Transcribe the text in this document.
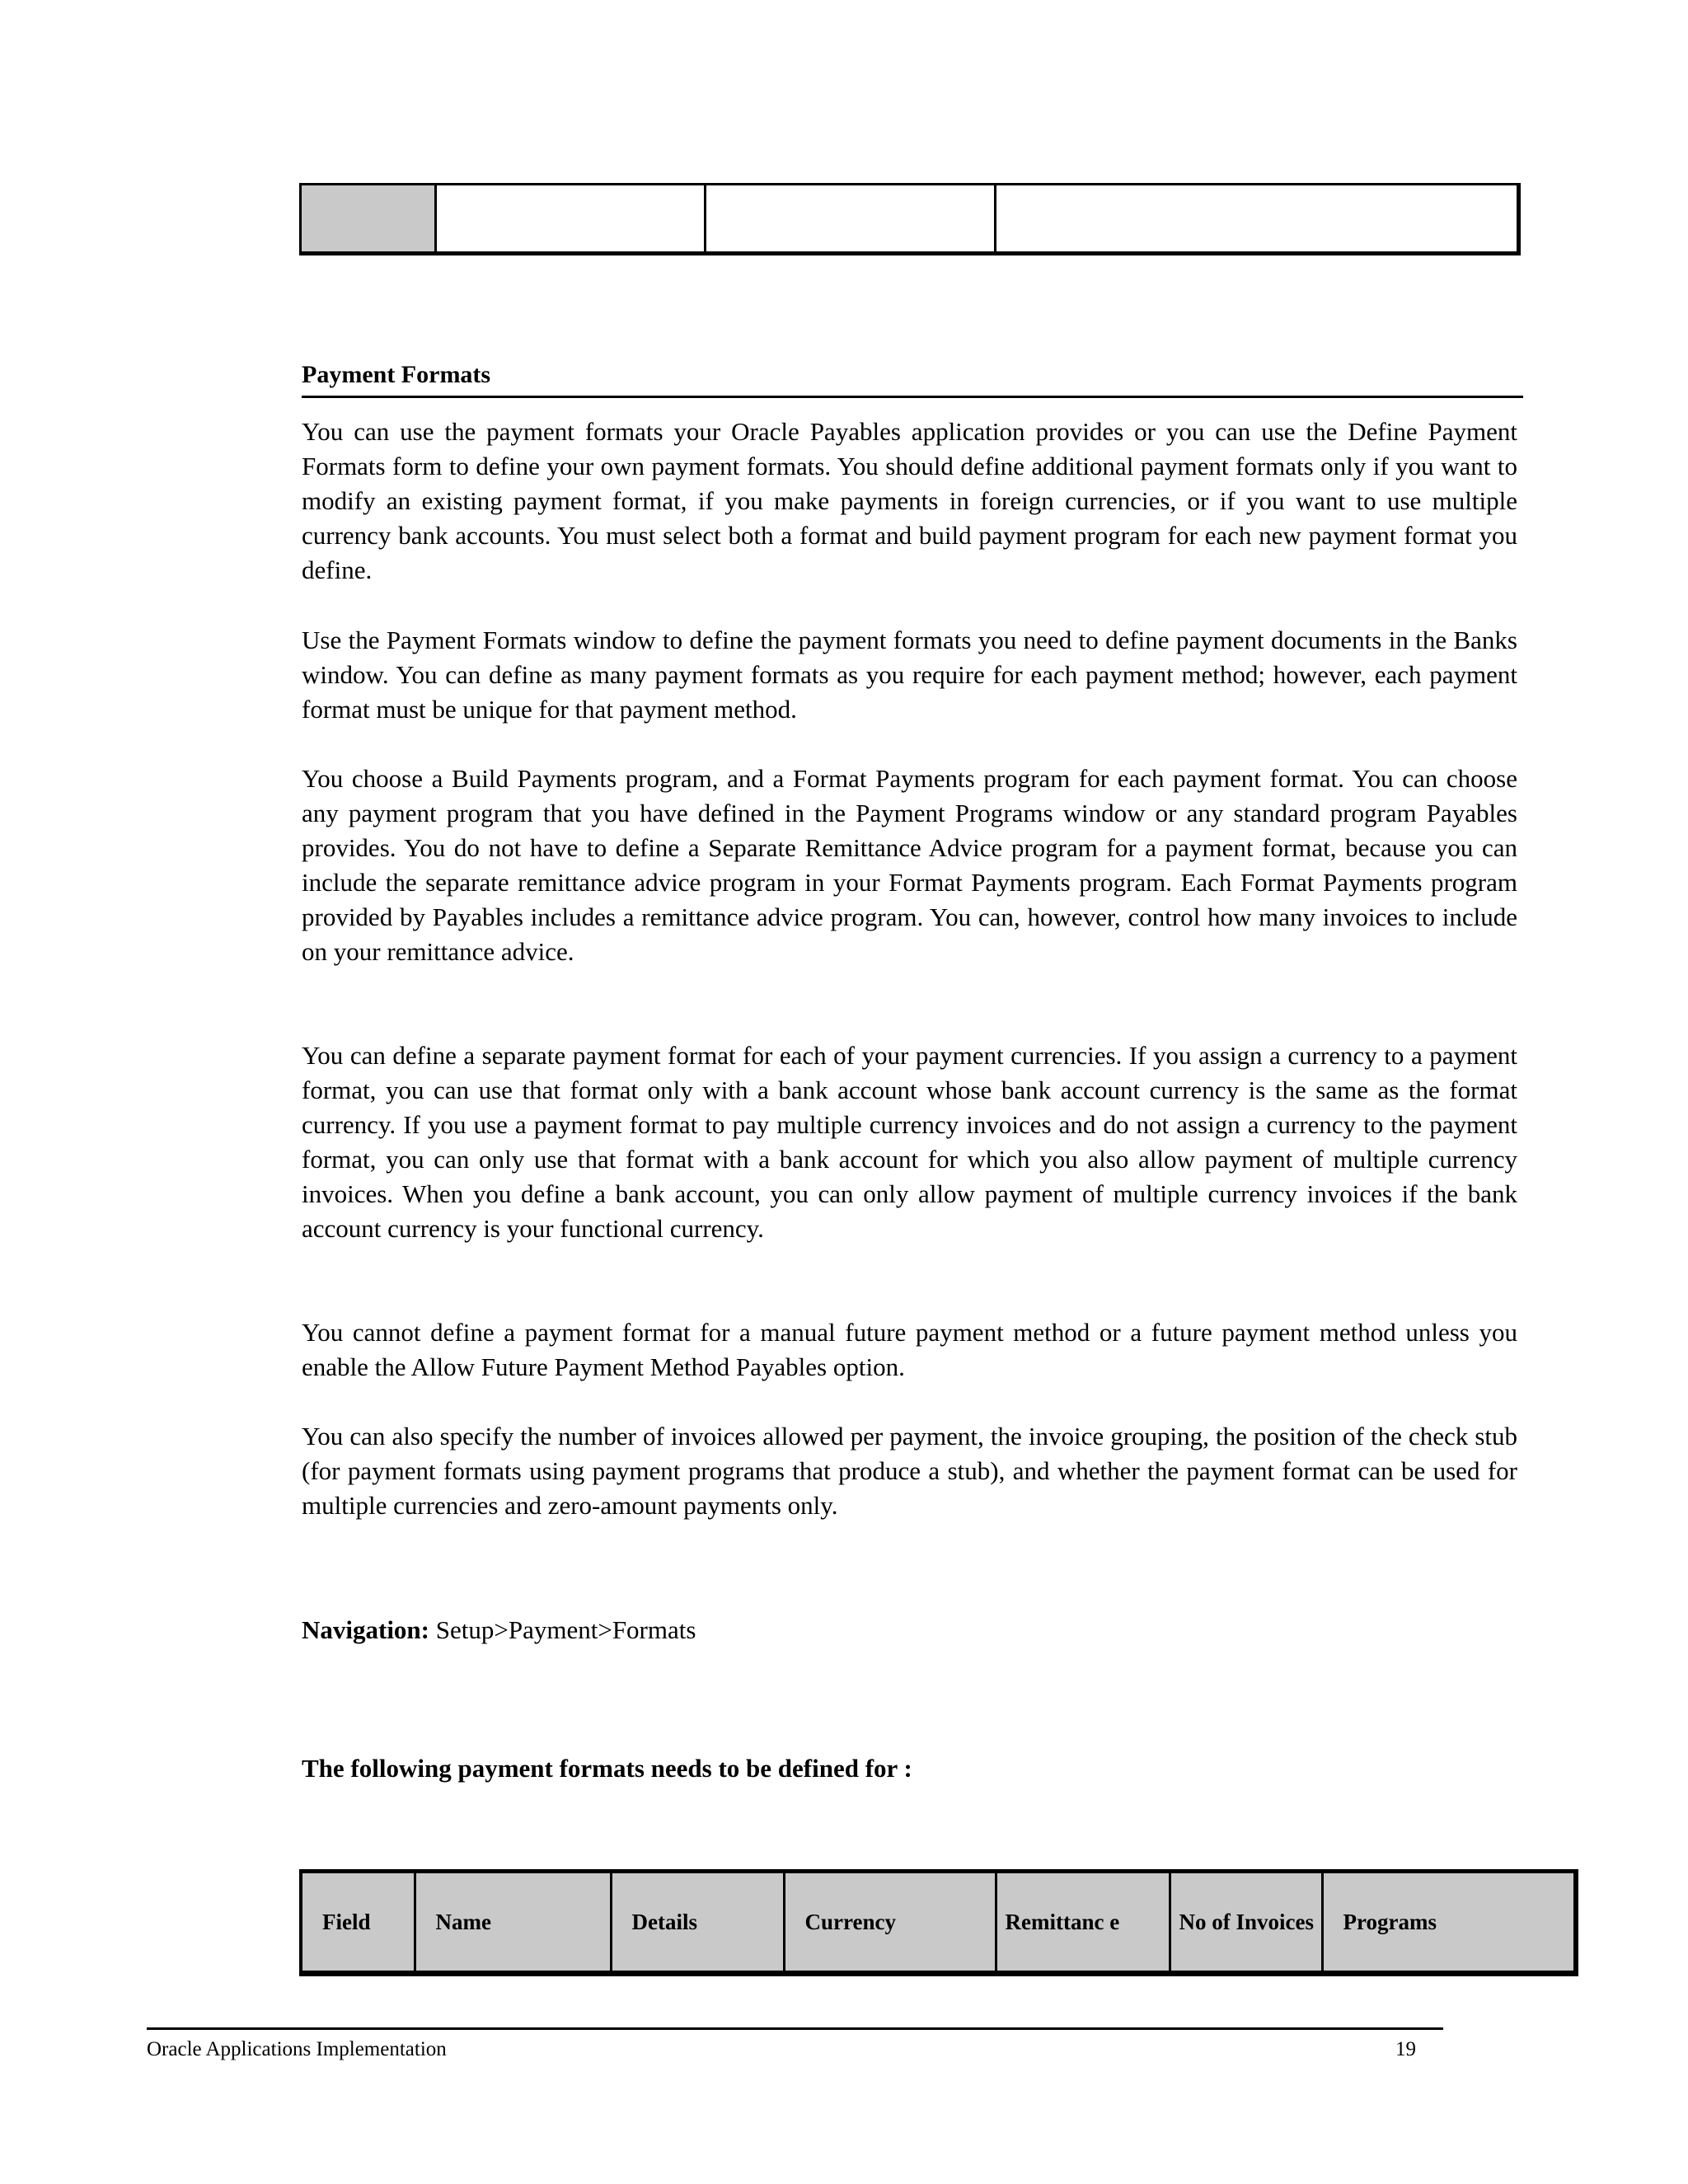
Payment Formats

You can use the payment formats your Oracle Payables application provides or you can use the Define Payment Formats form to define your own payment formats. You should define additional payment formats only if you want to modify an existing payment format, if you make payments in foreign currencies, or if you want to use multiple currency bank accounts. You must select both a format and build payment program for each new payment format you define.

Use the Payment Formats window to define the payment formats you need to define payment documents in the Banks window. You can define as many payment formats as you require for each payment method; however, each payment format must be unique for that payment method.

You choose a Build Payments program, and a Format Payments program for each payment format. You can choose any payment program that you have defined in the Payment Programs window or any standard program Payables provides. You do not have to define a Separate Remittance Advice program for a payment format, because you can include the separate remittance advice program in your Format Payments program. Each Format Payments program provided by Payables includes a remittance advice program. You can, however, control how many invoices to include on your remittance advice.

You can define a separate payment format for each of your payment currencies. If you assign a currency to a payment format, you can use that format only with a bank account whose bank account currency is the same as the format currency. If you use a payment format to pay multiple currency invoices and do not assign a currency to the payment format, you can only use that format with a bank account for which you also allow payment of multiple currency invoices. When you define a bank account, you can only allow payment of multiple currency invoices if the bank account currency is your functional currency.

You cannot define a payment format for a manual future payment method or a future payment method unless you enable the Allow Future Payment Method Payables option.

You can also specify the number of invoices allowed per payment, the invoice grouping, the position of the check stub (for payment formats using payment programs that produce a stub), and whether the payment format can be used for multiple currencies and zero-amount payments only.

Navigation: Setup>Payment>Formats
The following payment formats needs to be defined for :
Field	Name	Details	Currency	Remittanc e	No of Invoices	Programs
Oracle Applications Implementation	19
